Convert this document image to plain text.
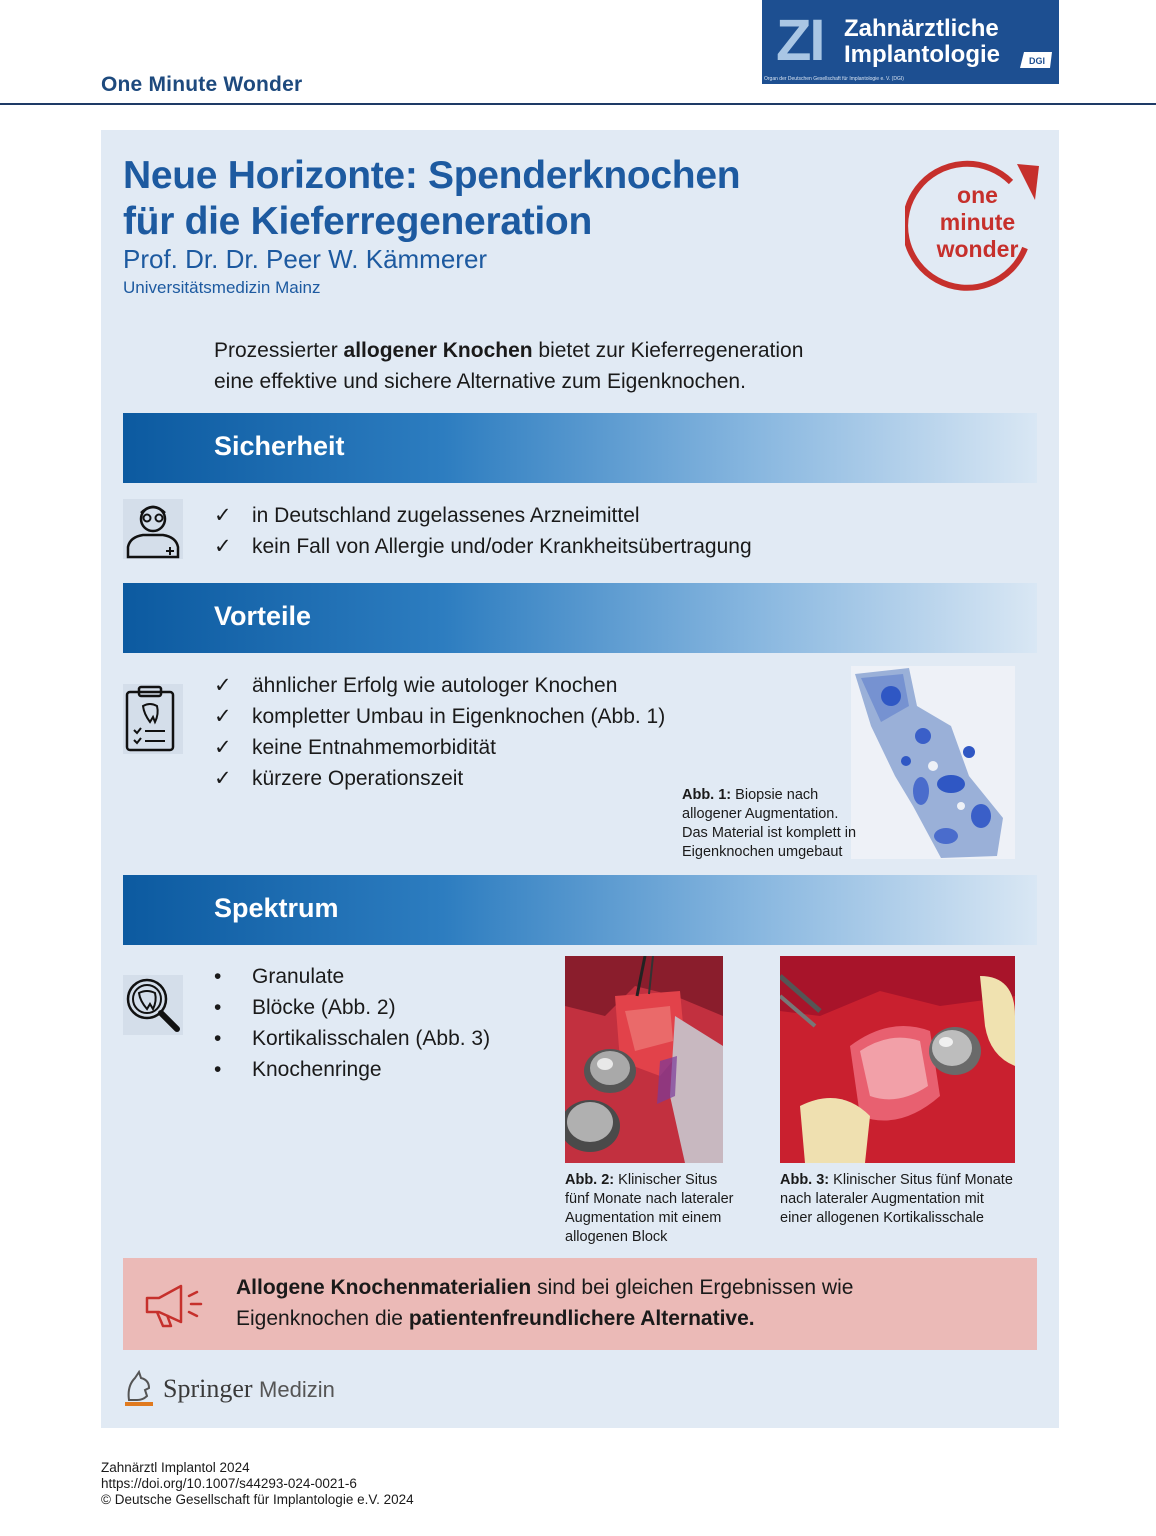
One Minute Wonder
ZI Zahnärztliche
Implantologie
Organ der Deutschen Gesellschaft für Implantologie e. V. (DGI)
DGI
Neue Horizonte: Spenderknochen
für die Kieferregeneration
Prof. Dr. Dr. Peer W. Kämmerer
Universitätsmedizin Mainz
one
minute
wonder
Prozessierter allogener Knochen bietet zur Kieferregeneration
eine effektive und sichere Alternative zum Eigenknochen.
Sicherheit
✓ in Deutschland zugelassenes Arzneimittel
✓ kein Fall von Allergie und/oder Krankheitsübertragung
Vorteile
✓ ähnlicher Erfolg wie autologer Knochen
✓ kompletter Umbau in Eigenknochen (Abb. 1)
✓ keine Entnahmemorbidität
✓ kürzere Operationszeit
Abb. 1: Biopsie nach
allogener Augmentation.
Das Material ist komplett in
Eigenknochen umgebaut
Spektrum
•	Granulate
•	Blöcke (Abb. 2)
•	Kortikalisschalen (Abb. 3)
•	Knochenringe
Abb. 2: Klinischer Situs
fünf Monate nach lateraler
Augmentation mit einem
allogenen Block
Abb. 3: Klinischer Situs fünf Monate
nach lateraler Augmentation mit
einer allogenen Kortikalisschale
Allogene Knochenmaterialien sind bei gleichen Ergebnissen wie
Eigenknochen die patientenfreundlichere Alternative.
Springer Medizin
Zahnärztl Implantol 2024
https://doi.org/10.1007/s44293-024-0021-6
© Deutsche Gesellschaft für Implantologie e.V. 2024
